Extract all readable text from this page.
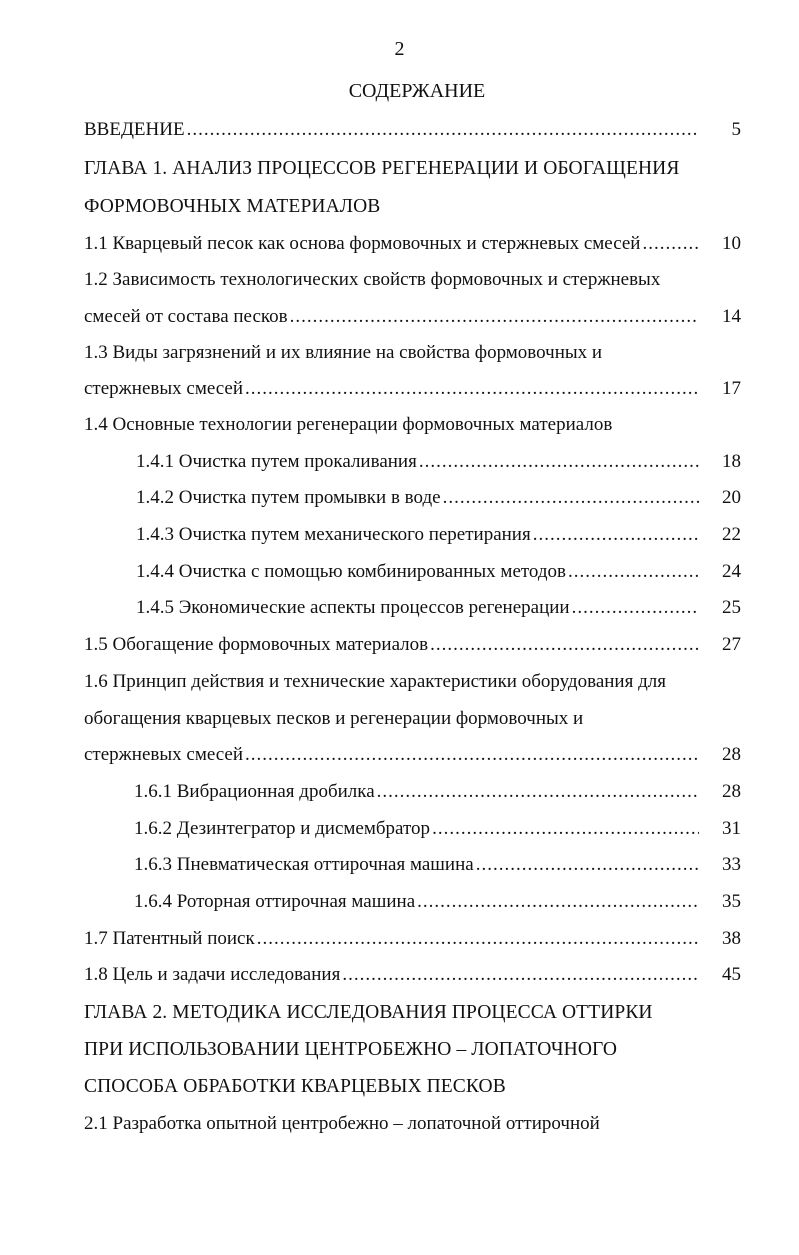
2
СОДЕРЖАНИЕ
ВВЕДЕНИЕ .....	5
ГЛАВА 1. АНАЛИЗ ПРОЦЕССОВ РЕГЕНЕРАЦИИ И ОБОГАЩЕНИЯ
ФОРМОВОЧНЫХ МАТЕРИАЛОВ
1.1 Кварцевый песок как основа формовочных и стержневых смесей .....	10
1.2 Зависимость технологических свойств формовочных и стержневых
смесей от состава песков .....	14
1.3 Виды загрязнений и их влияние на свойства формовочных и
стержневых смесей .....	17
1.4 Основные технологии регенерации формовочных материалов
1.4.1 Очистка путем прокаливания .....	18
1.4.2 Очистка путем промывки в воде .....	20
1.4.3 Очистка путем механического перетирания .....	22
1.4.4 Очистка с помощью комбинированных методов .....	24
1.4.5 Экономические аспекты процессов регенерации .....	25
1.5 Обогащение формовочных материалов .....	27
1.6 Принцип действия и технические характеристики оборудования для
обогащения кварцевых песков и регенерации формовочных и
стержневых смесей .....	28
1.6.1 Вибрационная дробилка .....	28
1.6.2 Дезинтегратор и дисмембратор .....	31
1.6.3 Пневматическая оттирочная машина .....	33
1.6.4 Роторная оттирочная машина .....	35
1.7 Патентный поиск .....	38
1.8 Цель и задачи исследования .....	45
ГЛАВА 2. МЕТОДИКА ИССЛЕДОВАНИЯ ПРОЦЕССА ОТТИРКИ
ПРИ ИСПОЛЬЗОВАНИИ ЦЕНТРОБЕЖНО – ЛОПАТОЧНОГО
СПОСОБА ОБРАБОТКИ КВАРЦЕВЫХ ПЕСКОВ
2.1 Разработка опытной центробежно – лопаточной оттирочной
